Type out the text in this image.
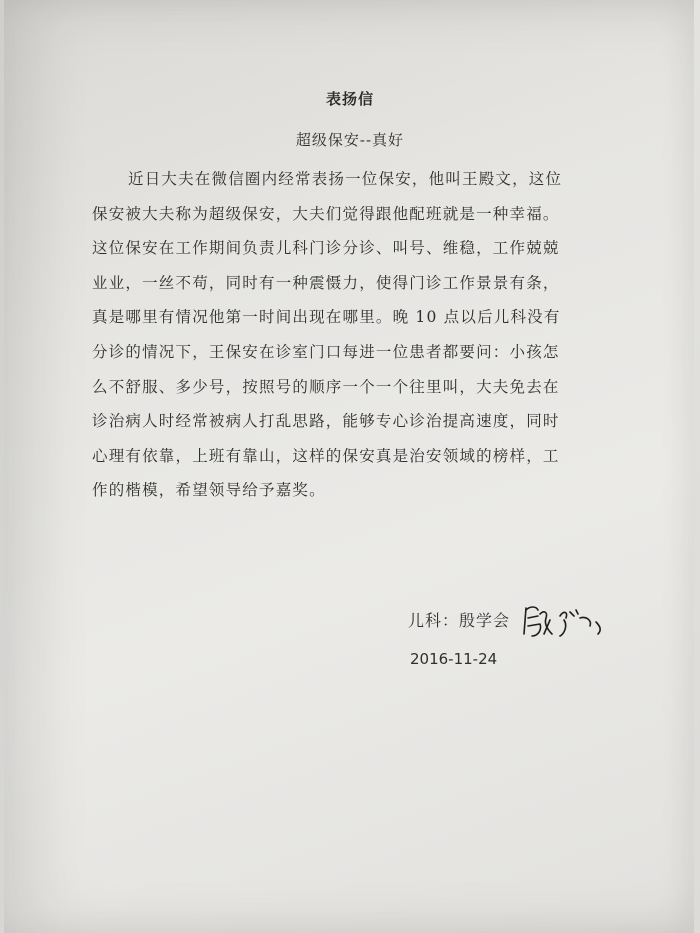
表扬信
超级保安--真好
近日大夫在微信圈内经常表扬一位保安，他叫王殿文，这位
保安被大夫称为超级保安，大夫们觉得跟他配班就是一种幸福。
这位保安在工作期间负责儿科门诊分诊、叫号、维稳，工作兢兢
业业，一丝不苟，同时有一种震慑力，使得门诊工作景景有条，
真是哪里有情况他第一时间出现在哪里。晚 10 点以后儿科没有
分诊的情况下，王保安在诊室门口每进一位患者都要问：小孩怎
么不舒服、多少号，按照号的顺序一个一个往里叫，大夫免去在
诊治病人时经常被病人打乱思路，能够专心诊治提高速度，同时
心理有依靠，上班有靠山，这样的保安真是治安领域的榜样，工
作的楷模，希望领导给予嘉奖。
儿科：殷学会
2016-11-24
